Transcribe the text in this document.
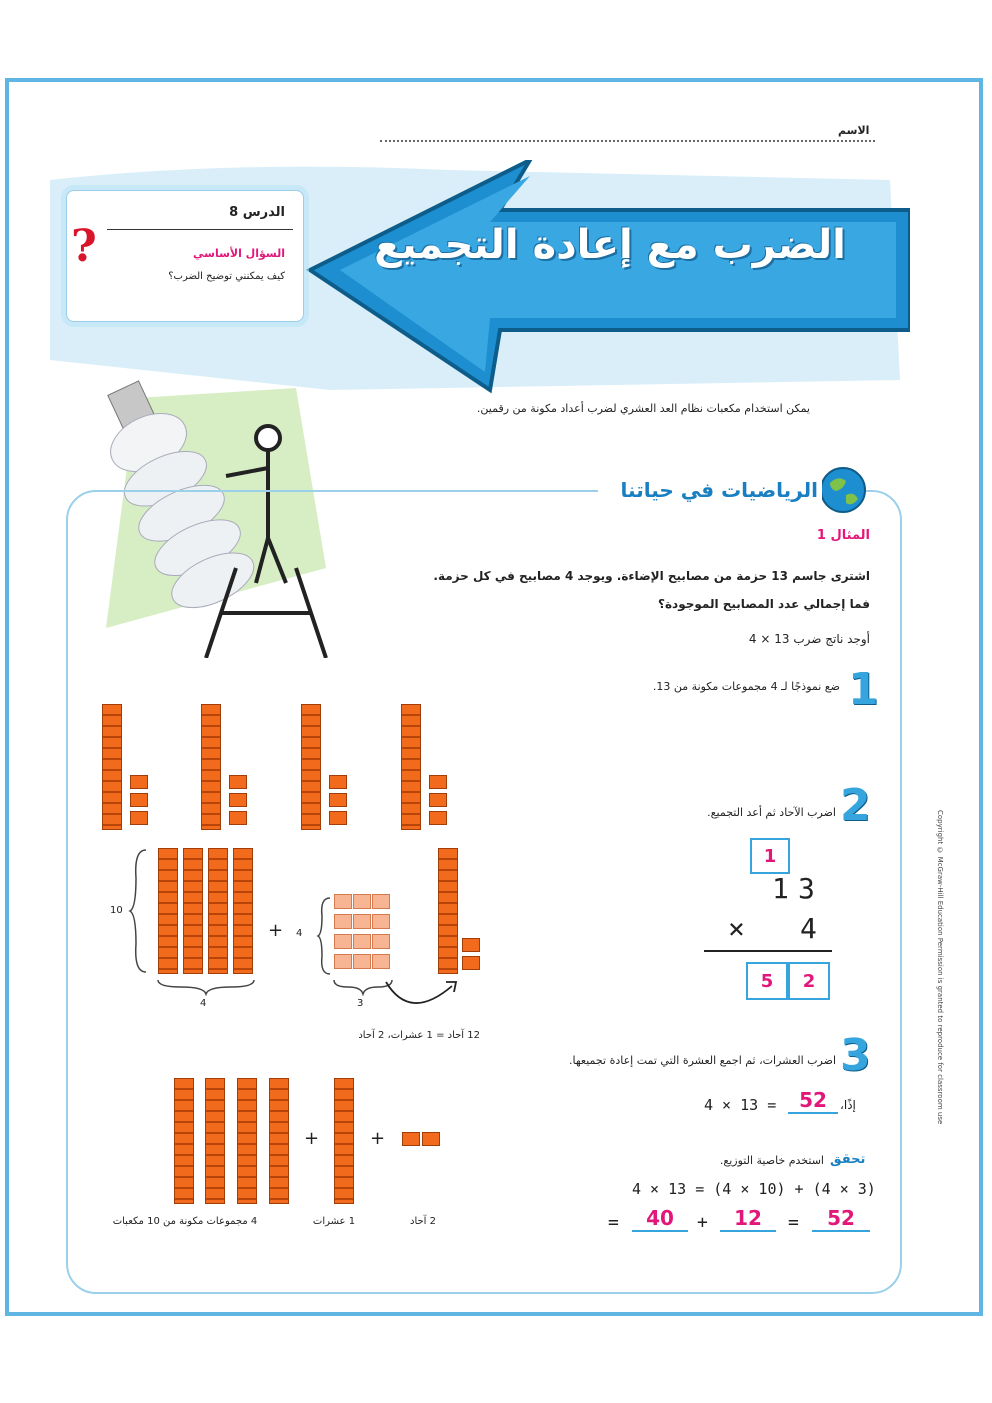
الاسم
?
الدرس 8
السؤال الأساسي
كيف يمكنني توضيح الضرب؟
الضرب مع إعادة التجميع
يمكن استخدام مكعبات نظام العد العشري لضرب أعداد مكونة من رقمين.
الرياضيات في حياتنا
المثال 1
اشترى جاسم 13 حزمة من مصابيح الإضاءة. ويوجد 4 مصابيح في كل حزمة.
فما إجمالي عدد المصابيح الموجودة؟
أوجد ناتج ضرب 13 × 4
1
ضع نموذجًا لـ 4 مجموعات مكونة من 13.
2
اضرب الآحاد ثم أعد التجميع.
1
1 3
× 4
5 2
10
4
+ 4
3
12 آحاد = 1 عشرات، 2 آحاد	3
اضرب العشرات، ثم اجمع العشرة التي تمت إعادة تجميعها.
+	+
4 مجموعات مكونة من 10 مكعبات	1 عشرات	2 آحاد
إذًا،
52
4 × 13 =
تحقق
استخدم خاصية التوزيع.
4 × 13 = (4 × 10) + (4 × 3)
=	40	+	12	=	52
Copyright © McGraw-Hill Education Permission is granted to reproduce for classroom use
